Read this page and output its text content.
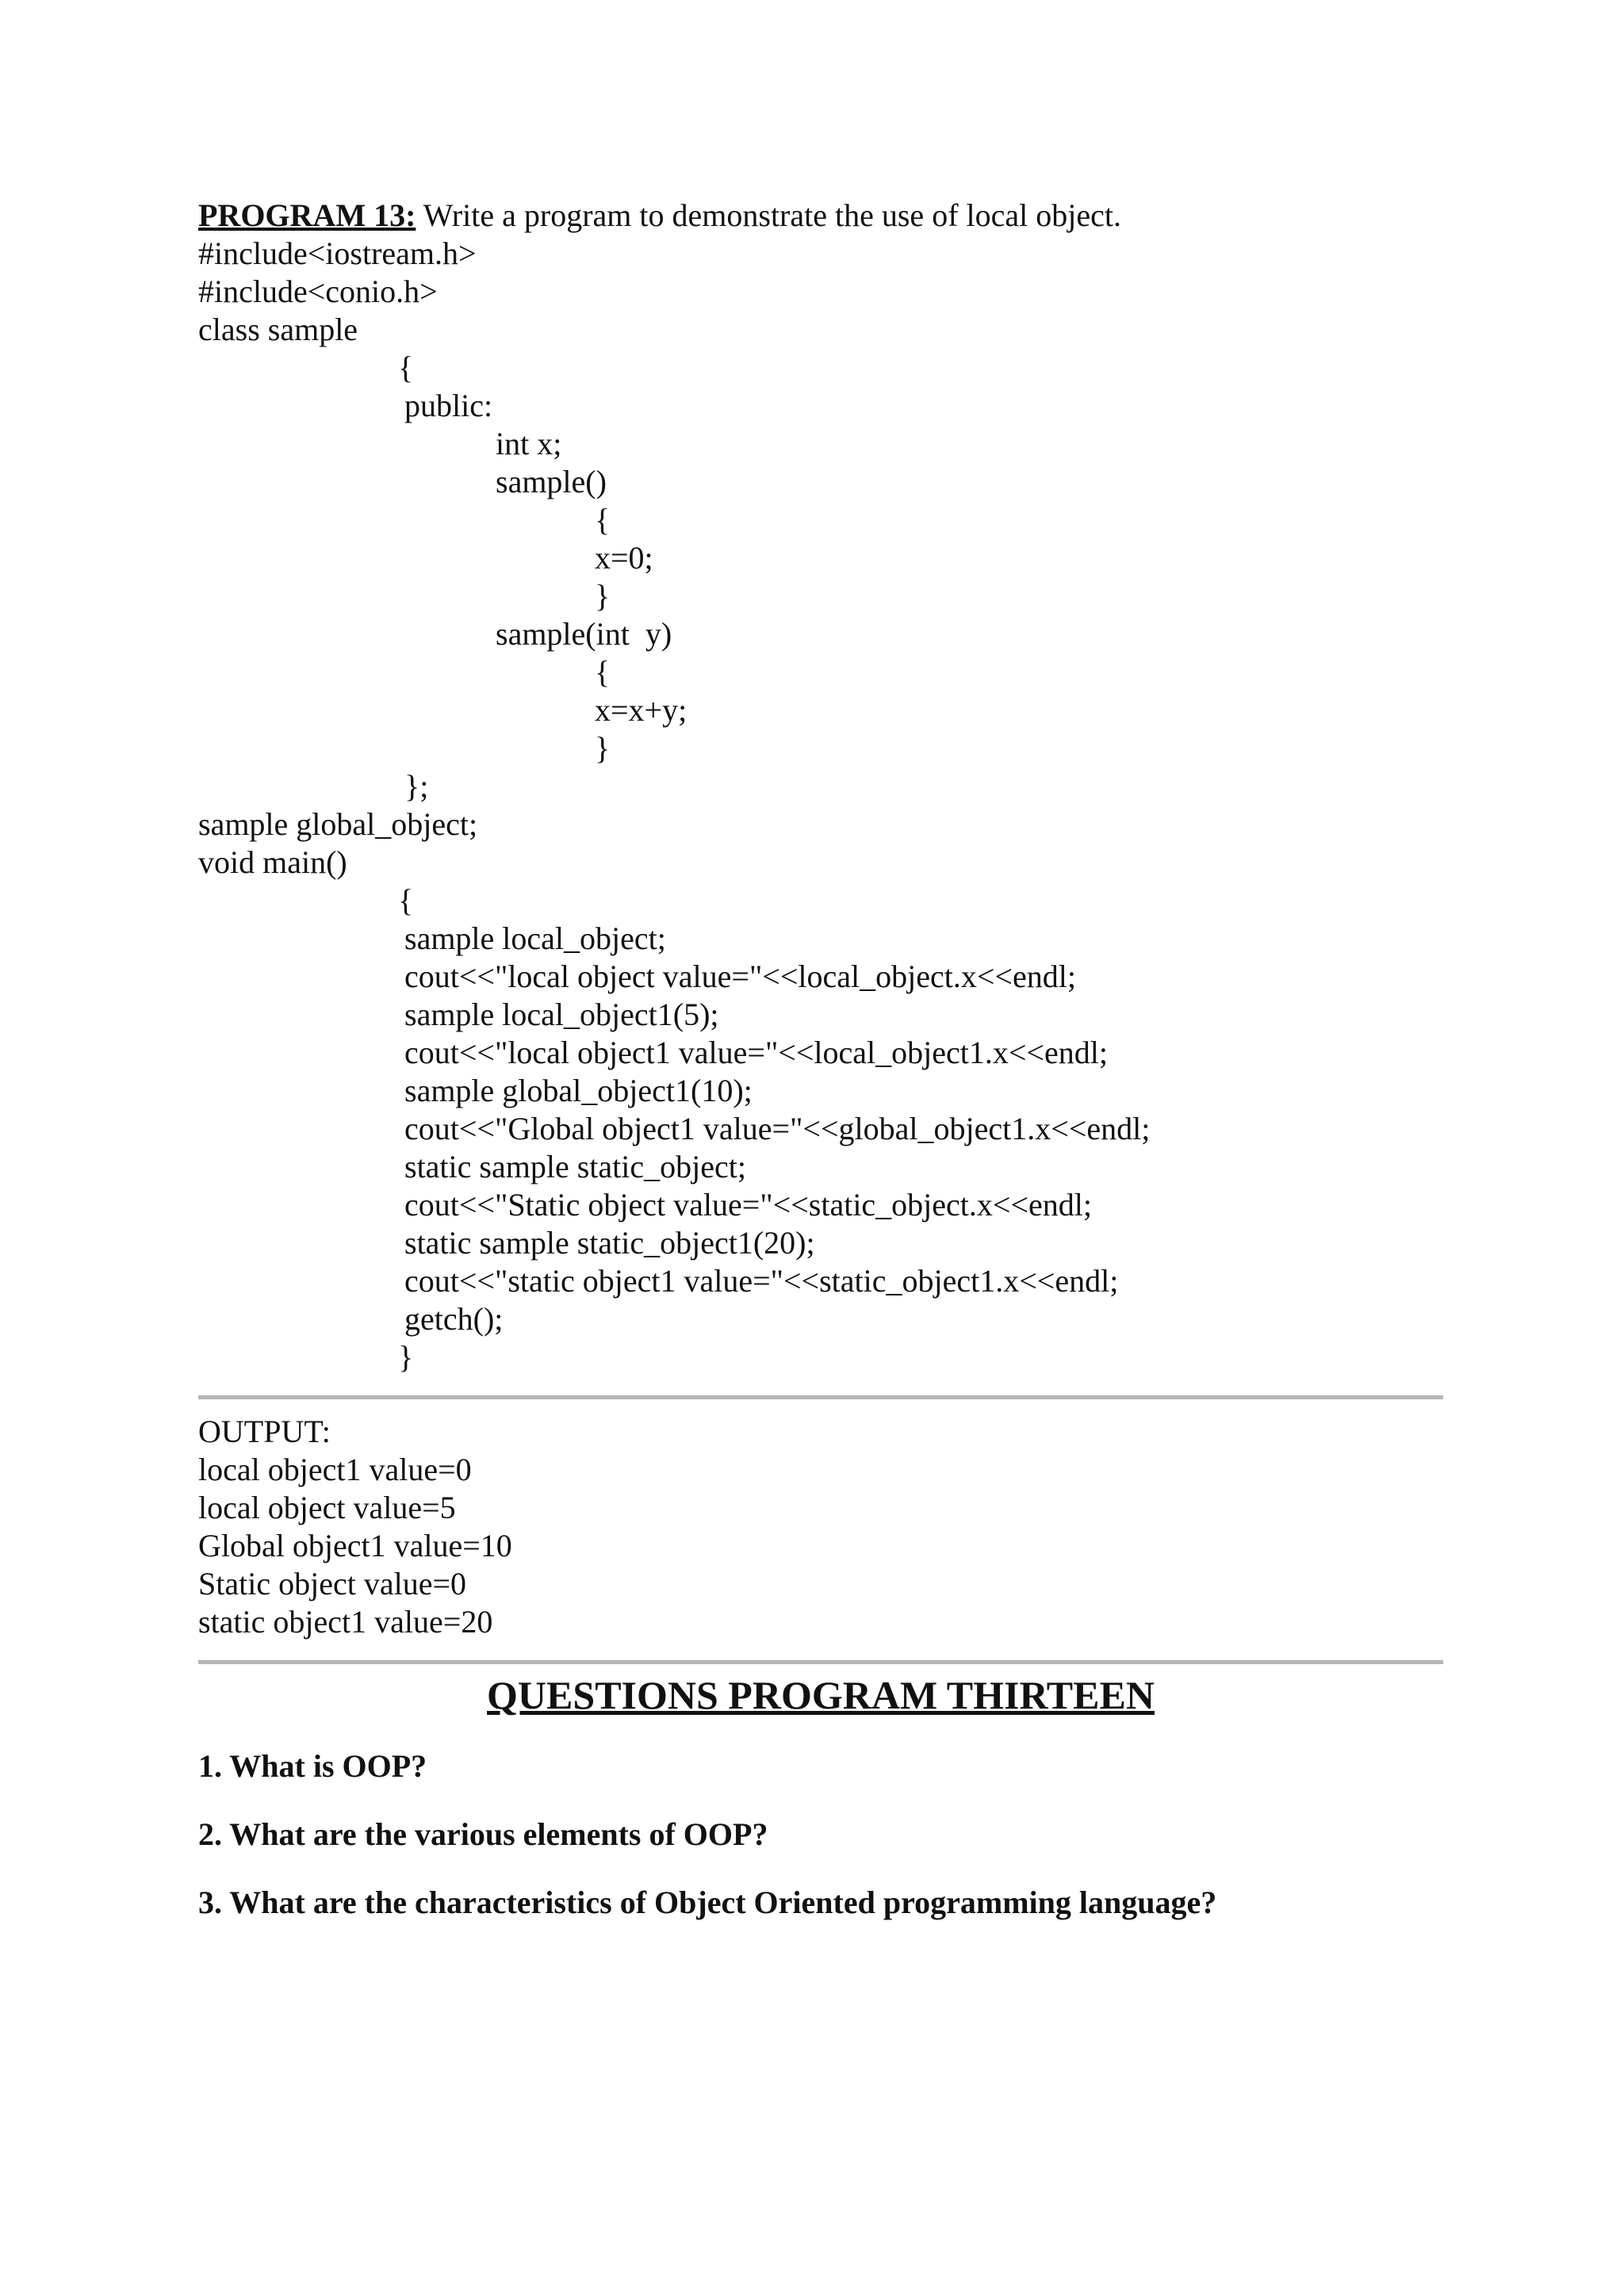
PROGRAM 13: Write a program to demonstrate the use of local object.
#include<iostream.h>
#include<conio.h>
class sample
{
public:
int x;
sample()
{
x=0;
}
sample(int  y)
{
x=x+y;
}
};
sample global_object;
void main()
{
sample local_object;
cout<<"local object value="<<local_object.x<<endl;
sample local_object1(5);
cout<<"local object1 value="<<local_object1.x<<endl;
sample global_object1(10);
cout<<"Global object1 value="<<global_object1.x<<endl;
static sample static_object;
cout<<"Static object value="<<static_object.x<<endl;
static sample static_object1(20);
cout<<"static object1 value="<<static_object1.x<<endl;
getch();
}
OUTPUT:
local object1 value=0
local object value=5
Global object1 value=10
Static object value=0
static object1 value=20
QUESTIONS PROGRAM THIRTEEN
1. What is OOP?
2. What are the various elements of OOP?
3. What are the characteristics of Object Oriented programming language?
